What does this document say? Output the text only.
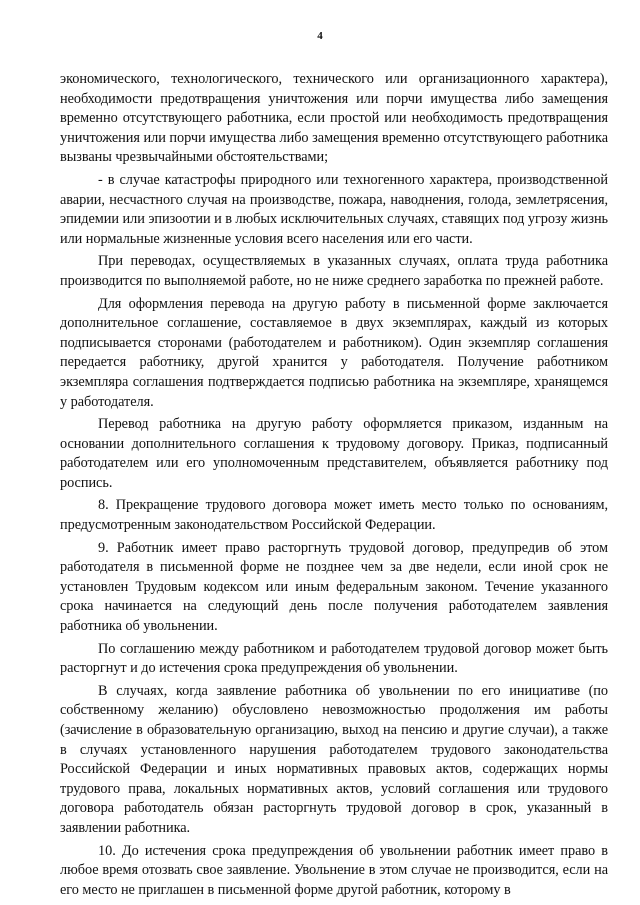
4

экономического, технологического, технического или организационного характера), необходимости предотвращения уничтожения или порчи имущества либо замещения временно отсутствующего работника, если простой или необходимость предотвращения уничтожения или порчи имущества либо замещения временно отсутствующего работника вызваны чрезвычайными обстоятельствами;

- в случае катастрофы природного или техногенного характера, производственной аварии, несчастного случая на производстве, пожара, наводнения, голода, землетрясения, эпидемии или эпизоотии и в любых исключительных случаях, ставящих под угрозу жизнь или нормальные жизненные условия всего населения или его части.

При переводах, осуществляемых в указанных случаях, оплата труда работника производится по выполняемой работе, но не ниже среднего заработка по прежней работе.

Для оформления перевода на другую работу в письменной форме заключается дополнительное соглашение, составляемое в двух экземплярах, каждый из которых подписывается сторонами (работодателем и работником). Один экземпляр соглашения передается работнику, другой хранится у работодателя. Получение работником экземпляра соглашения подтверждается подписью работника на экземпляре, хранящемся у работодателя.

Перевод работника на другую работу оформляется приказом, изданным на основании дополнительного соглашения к трудовому договору. Приказ, подписанный работодателем или его уполномоченным представителем, объявляется работнику под роспись.

8. Прекращение трудового договора может иметь место только по основаниям, предусмотренным законодательством Российской Федерации.

9. Работник имеет право расторгнуть трудовой договор, предупредив об этом работодателя в письменной форме не позднее чем за две недели, если иной срок не установлен Трудовым кодексом или иным федеральным законом. Течение указанного срока начинается на следующий день после получения работодателем заявления работника об увольнении.

По соглашению между работником и работодателем трудовой договор может быть расторгнут и до истечения срока предупреждения об увольнении.

В случаях, когда заявление работника об увольнении по его инициативе (по собственному желанию) обусловлено невозможностью продолжения им работы (зачисление в образовательную организацию, выход на пенсию и другие случаи), а также в случаях установленного нарушения работодателем трудового законодательства Российской Федерации и иных нормативных правовых актов, содержащих нормы трудового права, локальных нормативных актов, условий соглашения или трудового договора работодатель обязан расторгнуть трудовой договор в срок, указанный в заявлении работника.

10. До истечения срока предупреждения об увольнении работник имеет право в любое время отозвать свое заявление. Увольнение в этом случае не производится, если на его место не приглашен в письменной форме другой работник, которому в
